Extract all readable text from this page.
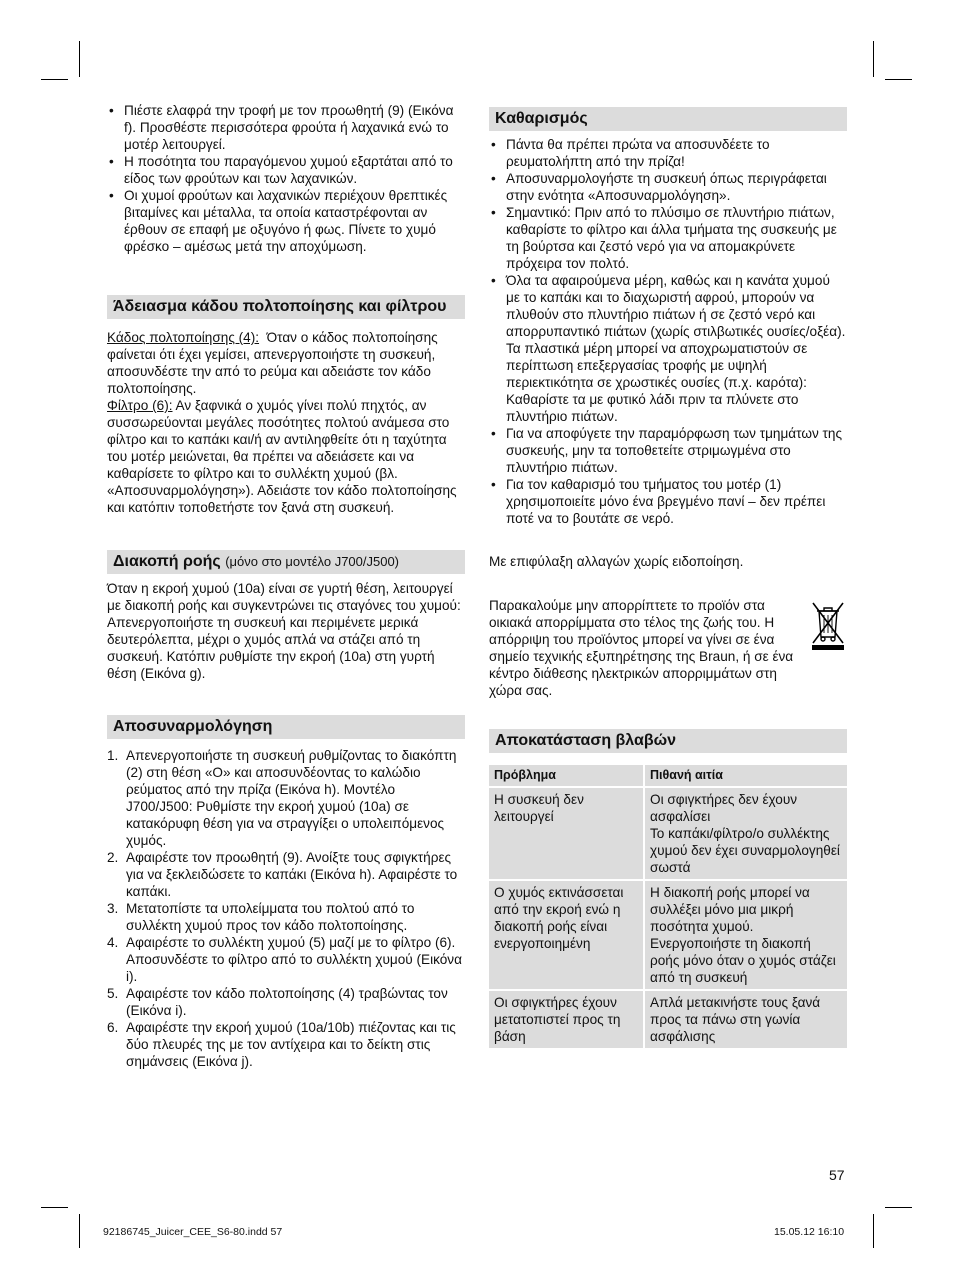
• Πιέστε ελαφρά την τροφή με τον προωθητή (9) (Εικόνα f). Προσθέστε περισσότερα φρούτα ή λαχανικά ενώ το μοτέρ λειτουργεί.
• Η ποσότητα του παραγόμενου χυμού εξαρτάται από το είδος των φρούτων και των λαχανικών.
• Οι χυμοί φρούτων και λαχανικών περιέχουν θρεπτικές βιταμίνες και μέταλλα, τα οποία καταστρέφονται αν έρθουν σε επαφή με οξυγόνο ή φως. Πίνετε το χυμό φρέσκο – αμέσως μετά την αποχύμωση.
Άδειασμα κάδου πολτοποίησης και φίλτρου

Κάδος πολτοποίησης (4): Όταν ο κάδος πολτοποίησης φαίνεται ότι έχει γεμίσει, απενεργοποιήστε τη συσκευή, αποσυνδέστε την από το ρεύμα και αδειάστε τον κάδο πολτοποίησης.

Φίλτρο (6): Αν ξαφνικά ο χυμός γίνει πολύ πηχτός, αν συσσωρεύονται μεγάλες ποσότητες πολτού ανάμεσα στο φίλτρο και το καπάκι και/ή αν αντιληφθείτε ότι η ταχύτητα του μοτέρ μειώνεται, θα πρέπει να αδειάσετε και να καθαρίσετε το φίλτρο και το συλλέκτη χυμού (βλ. «Αποσυναρμολόγηση»). Αδειάστε τον κάδο πολτοποίησης και κατόπιν τοποθετήστε τον ξανά στη συσκευή.

Διακοπή ροής (μόνο στο μοντέλο J700/J500)

Όταν η εκροή χυμού (10a) είναι σε γυρτή θέση, λειτουργεί με διακοπή ροής και συγκεντρώνει τις σταγόνες του χυμού:

Απενεργοποιήστε τη συσκευή και περιμένετε μερικά δευτερόλεπτα, μέχρι ο χυμός απλά να στάζει από τη συσκευή. Κατόπιν ρυθμίστε την εκροή (10a) στη γυρτή θέση (Εικόνα g).

Αποσυναρμολόγηση
1. Απενεργοποιήστε τη συσκευή ρυθμίζοντας το διακόπτη (2) στη θέση «O» και αποσυνδέοντας το καλώδιο ρεύματος από την πρίζα (Εικόνα h). Μοντέλο J700/J500: Ρυθμίστε την εκροή χυμού (10a) σε κατακόρυφη θέση για να στραγγίξει ο υπολειπόμενος χυμός.
2. Αφαιρέστε τον προωθητή (9). Ανοίξτε τους σφιγκτήρες για να ξεκλειδώσετε το καπάκι (Εικόνα h). Αφαιρέστε το καπάκι.
3. Μετατοπίστε τα υπολείμματα του πολτού από το συλλέκτη χυμού προς τον κάδο πολτοποίησης.
4. Αφαιρέστε το συλλέκτη χυμού (5) μαζί με το φίλτρο (6). Αποσυνδέστε το φίλτρο από το συλλέκτη χυμού (Εικόνα i).
5. Αφαιρέστε τον κάδο πολτοποίησης (4) τραβώντας τον (Εικόνα i).
6. Αφαιρέστε την εκροή χυμού (10a/10b) πιέζοντας και τις δύο πλευρές της με τον αντίχειρα και το δείκτη στις σημάνσεις (Εικόνα j).
Καθαρισμός
• Πάντα θα πρέπει πρώτα να αποσυνδέετε το ρευματολήπτη από την πρίζα!
• Αποσυναρμολογήστε τη συσκευή όπως περιγράφεται στην ενότητα «Αποσυναρμολόγηση».
• Σημαντικό: Πριν από το πλύσιμο σε πλυντήριο πιάτων, καθαρίστε το φίλτρο και άλλα τμήματα της συσκευής με τη βούρτσα και ζεστό νερό για να απομακρύνετε πρόχειρα τον πολτό.
• Όλα τα αφαιρούμενα μέρη, καθώς και η κανάτα χυμού με το καπάκι και το διαχωριστή αφρού, μπορούν να πλυθούν στο πλυντήριο πιάτων ή σε ζεστό νερό και απορρυπαντικό πιάτων (χωρίς στιλβωτικές ουσίες/οξέα). Τα πλαστικά μέρη μπορεί να αποχρωματιστούν σε περίπτωση επεξεργασίας τροφής με υψηλή περιεκτικότητα σε χρωστικές ουσίες (π.χ. καρότα): Καθαρίστε τα με φυτικό λάδι πριν τα πλύνετε στο πλυντήριο πιάτων.
• Για να αποφύγετε την παραμόρφωση των τμημάτων της συσκευής, μην τα τοποθετείτε στριμωγμένα στο πλυντήριο πιάτων.
• Για τον καθαρισμό του τμήματος του μοτέρ (1) χρησιμοποιείτε μόνο ένα βρεγμένο πανί – δεν πρέπει ποτέ να το βουτάτε σε νερό.

Με επιφύλαξη αλλαγών χωρίς ειδοποίηση.

Παρακαλούμε μην απορρίπτετε το προϊόν στα οικιακά απορρίμματα στο τέλος της ζωής του. Η απόρριψη του προϊόντος μπορεί να γίνει σε ένα σημείο τεχνικής εξυπηρέτησης της Braun, ή σε ένα κέντρο διάθεσης ηλεκτρικών απορριμμάτων στη χώρα σας.

Αποκατάσταση βλαβών
Πρόβλημα	Πιθανή αιτία
Η συσκευή δεν λειτουργεί	Οι σφιγκτήρες δεν έχουν ασφαλίσει
Το καπάκι/φίλτρο/ο συλλέκτης χυμού δεν έχει συναρμολογηθεί σωστά
Ο χυμός εκτινάσσεται από την εκροή ενώ η διακοπή ροής είναι ενεργοποιημένη	Η διακοπή ροής μπορεί να συλλέξει μόνο μια μικρή ποσότητα χυμού. Ενεργοποιήστε τη διακοπή ροής μόνο όταν ο χυμός στάζει από τη συσκευή
Οι σφιγκτήρες έχουν μετατοπιστεί προς τη βάση	Απλά μετακινήστε τους ξανά προς τα πάνω στη γωνία ασφάλισης
57
92186745_Juicer_CEE_S6-80.indd 57	15.05.12 16:10
